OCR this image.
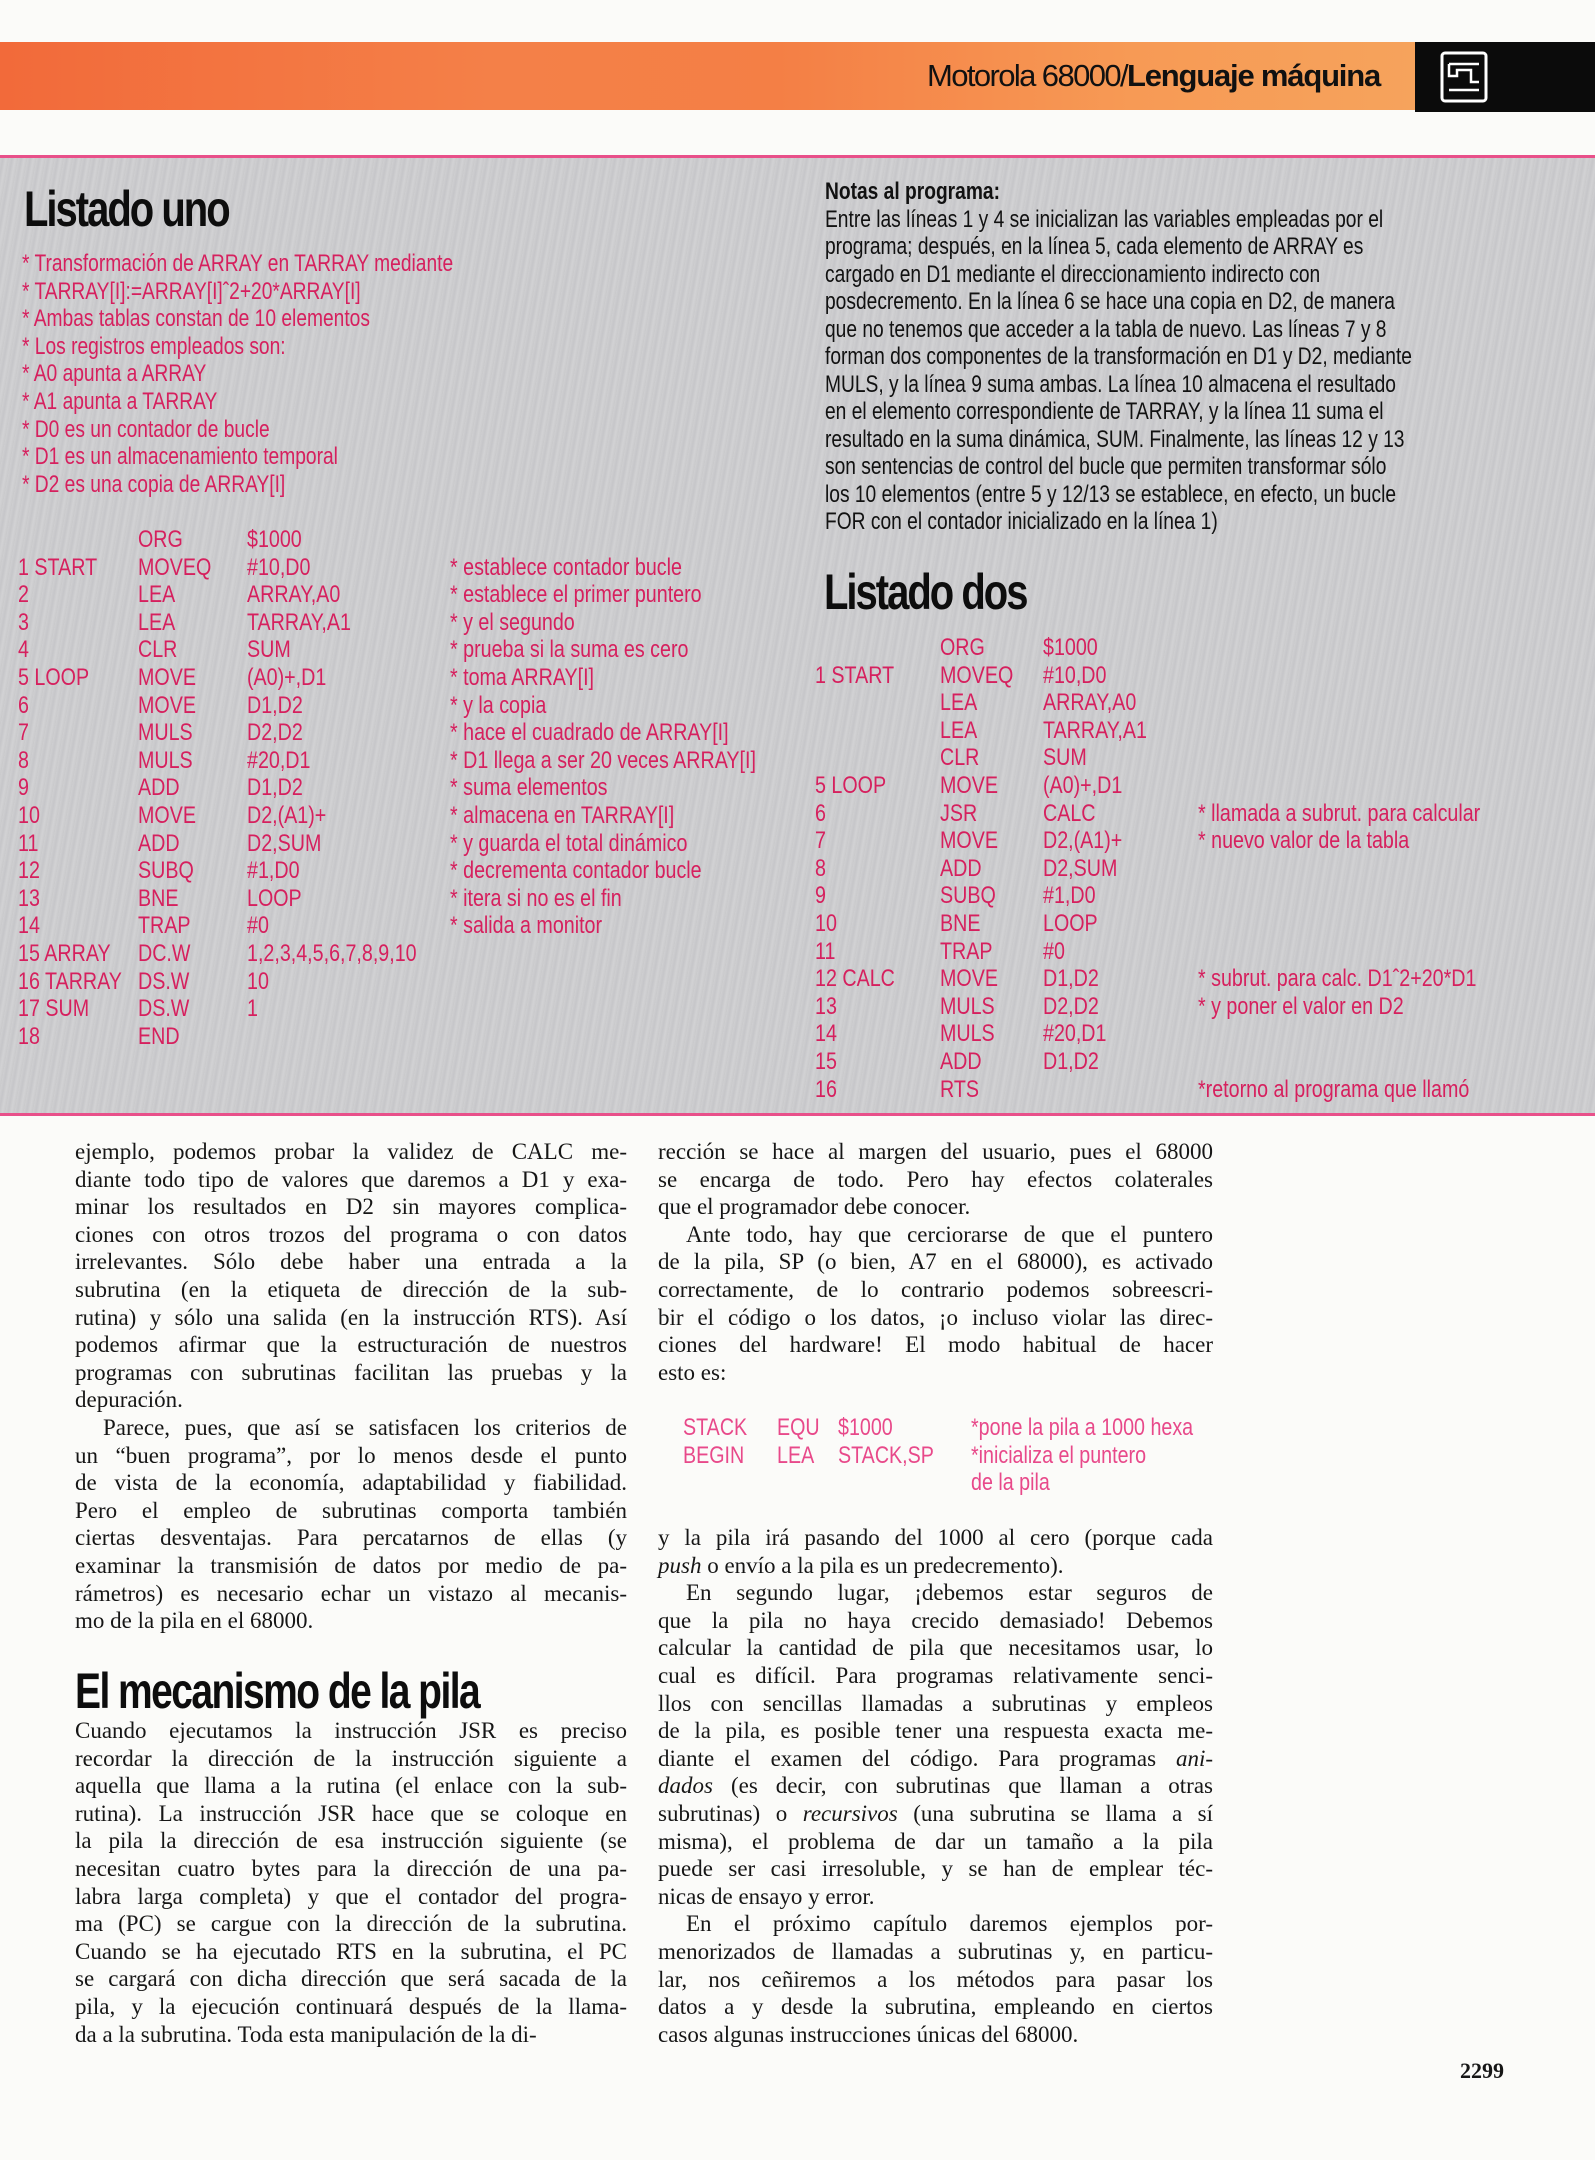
Motorola 68000/Lenguaje máquina
Listado uno
* Transformación de ARRAY en TARRAY mediante
* TARRAY[I]:=ARRAY[I]ˆ2+20*ARRAY[I]
* Ambas tablas constan de 10 elementos
* Los registros empleados son:
* A0 apunta a ARRAY
* A1 apunta a TARRAY
* D0 es un contador de bucle
* D1 es un almacenamiento temporal
* D2 es una copia de ARRAY[I]
ORG	$1000
1 START MOVEQ #10,D0	* establece contador bucle
2	LEA	ARRAY,A0	* establece el primer puntero
3	LEA	TARRAY,A1	* y el segundo
4	CLR	SUM	* prueba si la suma es cero
5 LOOP MOVE (A0)+,D1	* toma ARRAY[I]
6	MOVE D1,D2	* y la copia
7	MULS D2,D2	* hace el cuadrado de ARRAY[I]
8	MULS #20,D1	* D1 llega a ser 20 veces ARRAY[I]
9	ADD	D1,D2	* suma elementos
10	MOVE D2,(A1)+	* almacena en TARRAY[I]
11	ADD	D2,SUM	* y guarda el total dinámico
12	SUBQ #1,D0	* decrementa contador bucle
13	BNE	LOOP	* itera si no es el fin
14	TRAP #0	* salida a monitor
15 ARRAY DC.W 1,2,3,4,5,6,7,8,9,10
16 TARRAY DS.W 10
17 SUM DS.W 1
18	END
Notas al programa:
Entre las líneas 1 y 4 se inicializan las variables empleadas por el
programa; después, en la línea 5, cada elemento de ARRAY es
cargado en D1 mediante el direccionamiento indirecto con
posdecremento. En la línea 6 se hace una copia en D2, de manera
que no tenemos que acceder a la tabla de nuevo. Las líneas 7 y 8
forman dos componentes de la transformación en D1 y D2, mediante
MULS, y la línea 9 suma ambas. La línea 10 almacena el resultado
en el elemento correspondiente de TARRAY, y la línea 11 suma el
resultado en la suma dinámica, SUM. Finalmente, las líneas 12 y 13
son sentencias de control del bucle que permiten transformar sólo
los 10 elementos (entre 5 y 12/13 se establece, en efecto, un bucle
FOR con el contador inicializado en la línea 1)
Listado dos
ORG $1000
1 START MOVEQ #10,D0
LEA	ARRAY,A0
LEA	TARRAY,A1
CLR	SUM
5 LOOP MOVE (A0)+,D1
6	JSR	CALC	* llamada a subrut. para calcular
7	MOVE D2,(A1)+	* nuevo valor de la tabla
8	ADD	D2,SUM
9	SUBQ #1,D0
10	BNE	LOOP
11	TRAP #0
12 CALC MOVE D1,D2	* subrut. para calc. D1ˆ2+20*D1
13	MULS D2,D2	* y poner el valor en D2
14	MULS #20,D1
15	ADD	D1,D2
16	RTS	*retorno al programa que llamó
ejemplo, podemos probar la validez de CALC me-
diante todo tipo de valores que daremos a D1 y exa-
minar los resultados en D2 sin mayores complica-
ciones con otros trozos del programa o con datos
irrelevantes. Sólo debe haber una entrada a la
subrutina (en la etiqueta de dirección de la sub-
rutina) y sólo una salida (en la instrucción RTS). Así
podemos afirmar que la estructuración de nuestros
programas con subrutinas facilitan las pruebas y la
depuración.
Parece, pues, que así se satisfacen los criterios de
un “buen programa”, por lo menos desde el punto
de vista de la economía, adaptabilidad y fiabilidad.
Pero el empleo de subrutinas comporta también
ciertas desventajas. Para percatarnos de ellas (y
examinar la transmisión de datos por medio de pa-
rámetros) es necesario echar un vistazo al mecanis-
mo de la pila en el 68000.
El mecanismo de la pila
Cuando ejecutamos la instrucción JSR es preciso
recordar la dirección de la instrucción siguiente a
aquella que llama a la rutina (el enlace con la sub-
rutina). La instrucción JSR hace que se coloque en
la pila la dirección de esa instrucción siguiente (se
necesitan cuatro bytes para la dirección de una pa-
labra larga completa) y que el contador del progra-
ma (PC) se cargue con la dirección de la subrutina.
Cuando se ha ejecutado RTS en la subrutina, el PC
se cargará con dicha dirección que será sacada de la
pila, y la ejecución continuará después de la llama-
da a la subrutina. Toda esta manipulación de la di-
rección se hace al margen del usuario, pues el 68000
se encarga de todo. Pero hay efectos colaterales
que el programador debe conocer.
Ante todo, hay que cerciorarse de que el puntero
de la pila, SP (o bien, A7 en el 68000), es activado
correctamente, de lo contrario podemos sobreescri-
bir el código o los datos, ¡o incluso violar las direc-
ciones del hardware! El modo habitual de hacer
esto es:
STACK EQU $1000	*pone la pila a 1000 hexa
BEGIN LEA STACK,SP *inicializa el puntero
de la pila
y la pila irá pasando del 1000 al cero (porque cada
push o envío a la pila es un predecremento).
En segundo lugar, ¡debemos estar seguros de
que la pila no haya crecido demasiado! Debemos
calcular la cantidad de pila que necesitamos usar, lo
cual es difícil. Para programas relativamente senci-
llos con sencillas llamadas a subrutinas y empleos
de la pila, es posible tener una respuesta exacta me-
diante el examen del código. Para programas ani-
dados (es decir, con subrutinas que llaman a otras
subrutinas) o recursivos (una subrutina se llama a sí
misma), el problema de dar un tamaño a la pila
puede ser casi irresoluble, y se han de emplear téc-
nicas de ensayo y error.
En el próximo capítulo daremos ejemplos por-
menorizados de llamadas a subrutinas y, en particu-
lar, nos ceñiremos a los métodos para pasar los
datos a y desde la subrutina, empleando en ciertos
casos algunas instrucciones únicas del 68000.
2299
